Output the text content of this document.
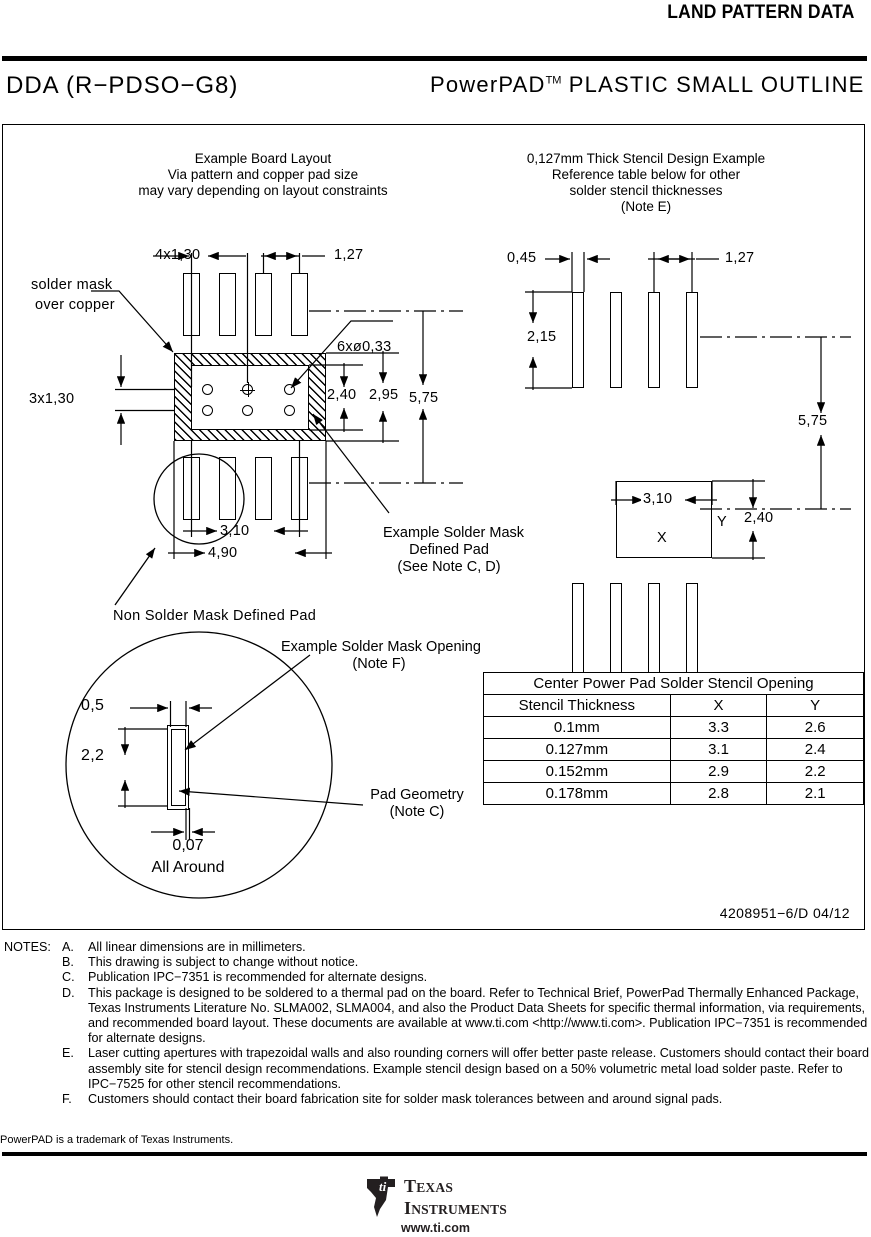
LAND PATTERN DATA
DDA (R−PDSO−G8)	PowerPAD™ PLASTIC SMALL OUTLINE
Example Board Layout
Via pattern and copper pad size
may vary depending on layout constraints
solder mask
over copper
4x1,30	1,27
3x1,30
6xø0,33
2,40 2,95 5,75
3,10
4,90
Example Solder Mask
Defined Pad
(See Note C, D)
Non Solder Mask Defined Pad
Example Solder Mask Opening
(Note F)
Pad Geometry
(Note C)
0,5
2,2
0,07
All Around
0,127mm Thick Stencil Design Example
Reference table below for other
solder stencil thicknesses
(Note E)
0,45	1,27
2,15
3,10
Y 2,40
5,75
X
Center Power Pad Solder Stencil Opening		
Stencil Thickness	X	Y
0.1mm	3.3	2.6
0.127mm	3.1	2.4
0.152mm	2.9	2.2
0.178mm	2.8	2.1
4208951−6/D 04/12
NOTES: A.	All linear dimensions are in millimeters.
B.	This drawing is subject to change without notice.
C.	Publication IPC−7351 is recommended for alternate designs.
D.	This package is designed to be soldered to a thermal pad on the board. Refer to Technical Brief, PowerPad Thermally Enhanced Package, Texas Instruments Literature No. SLMA002, SLMA004, and also the Product Data Sheets for specific thermal information, via requirements, and recommended board layout. These documents are available at www.ti.com <http://www.ti.com>. Publication IPC−7351 is recommended for alternate designs.
E.	Laser cutting apertures with trapezoidal walls and also rounding corners will offer better paste release. Customers should contact their board assembly site for stencil design recommendations. Example stencil design based on a 50% volumetric metal load solder paste. Refer to IPC−7525 for other stencil recommendations.
F.	Customers should contact their board fabrication site for solder mask tolerances between and around signal pads.
PowerPAD is a trademark of Texas Instruments.
ti TEXAS
INSTRUMENTS
www.ti.com
